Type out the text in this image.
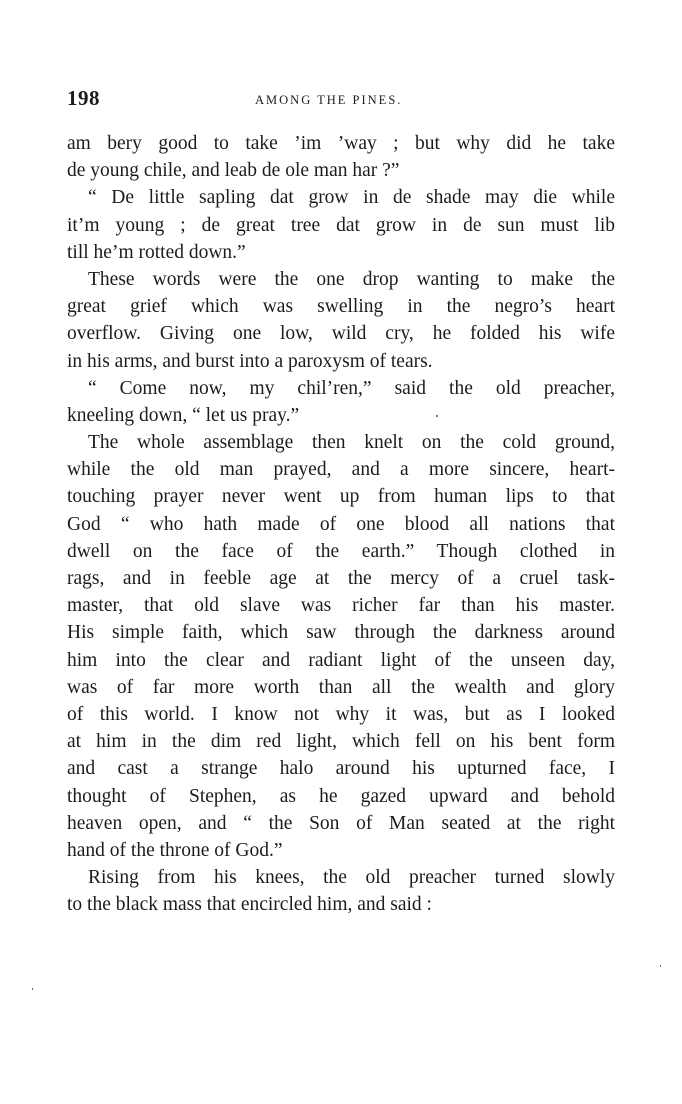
198	AMONG THE PINES.
am bery good to take ’im ’way ; but why did he take
de young chile, and leab de ole man har ?”
“ De little sapling dat grow in de shade may die while
it’m young ; de great tree dat grow in de sun must lib
till he’m rotted down.”
These words were the one drop wanting to make the
great grief which was swelling in the negro’s heart
overflow. Giving one low, wild cry, he folded his wife
in his arms, and burst into a paroxysm of tears.
“ Come now, my chil’ren,” said the old preacher,
kneeling down, “ let us pray.”
The whole assemblage then knelt on the cold ground,
while the old man prayed, and a more sincere, heart-
touching prayer never went up from human lips to that
God “ who hath made of one blood all nations that
dwell on the face of the earth.” Though clothed in
rags, and in feeble age at the mercy of a cruel task-
master, that old slave was richer far than his master.
His simple faith, which saw through the darkness around
him into the clear and radiant light of the unseen day,
was of far more worth than all the wealth and glory
of this world. I know not why it was, but as I looked
at him in the dim red light, which fell on his bent form
and cast a strange halo around his upturned face, I
thought of Stephen, as he gazed upward and behold
heaven open, and “ the Son of Man seated at the right
hand of the throne of God.”
Rising from his knees, the old preacher turned slowly
to the black mass that encircled him, and said :
